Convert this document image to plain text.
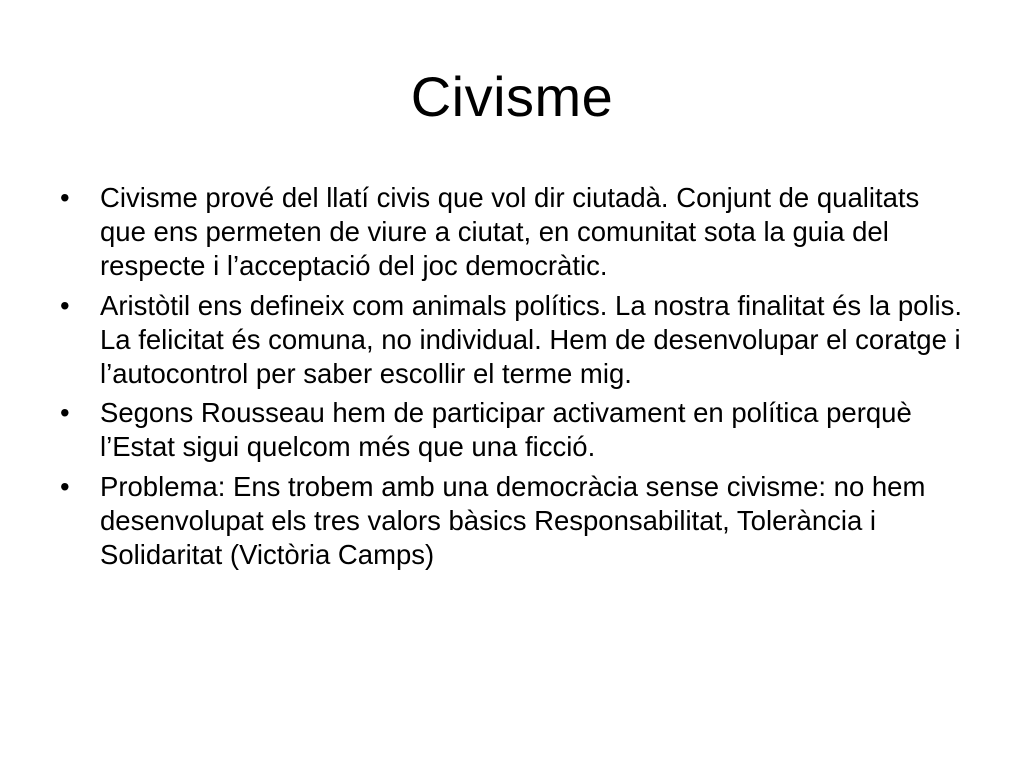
Civisme
•	Civisme prové del llatí civis que vol dir ciutadà. Conjunt de qualitats que ens permeten de viure a ciutat, en comunitat sota la guia del respecte i l’acceptació del joc democràtic.
•	Aristòtil ens defineix com animals polítics. La nostra finalitat és la polis. La felicitat és comuna, no individual. Hem de desenvolupar el coratge i l’autocontrol per saber escollir el terme mig.
•	Segons Rousseau hem de participar activament en política perquè l’Estat sigui quelcom més que una ficció.
•	Problema: Ens trobem amb una democràcia sense civisme: no hem desenvolupat els tres valors bàsics Responsabilitat, Tolerància i Solidaritat (Victòria Camps)
